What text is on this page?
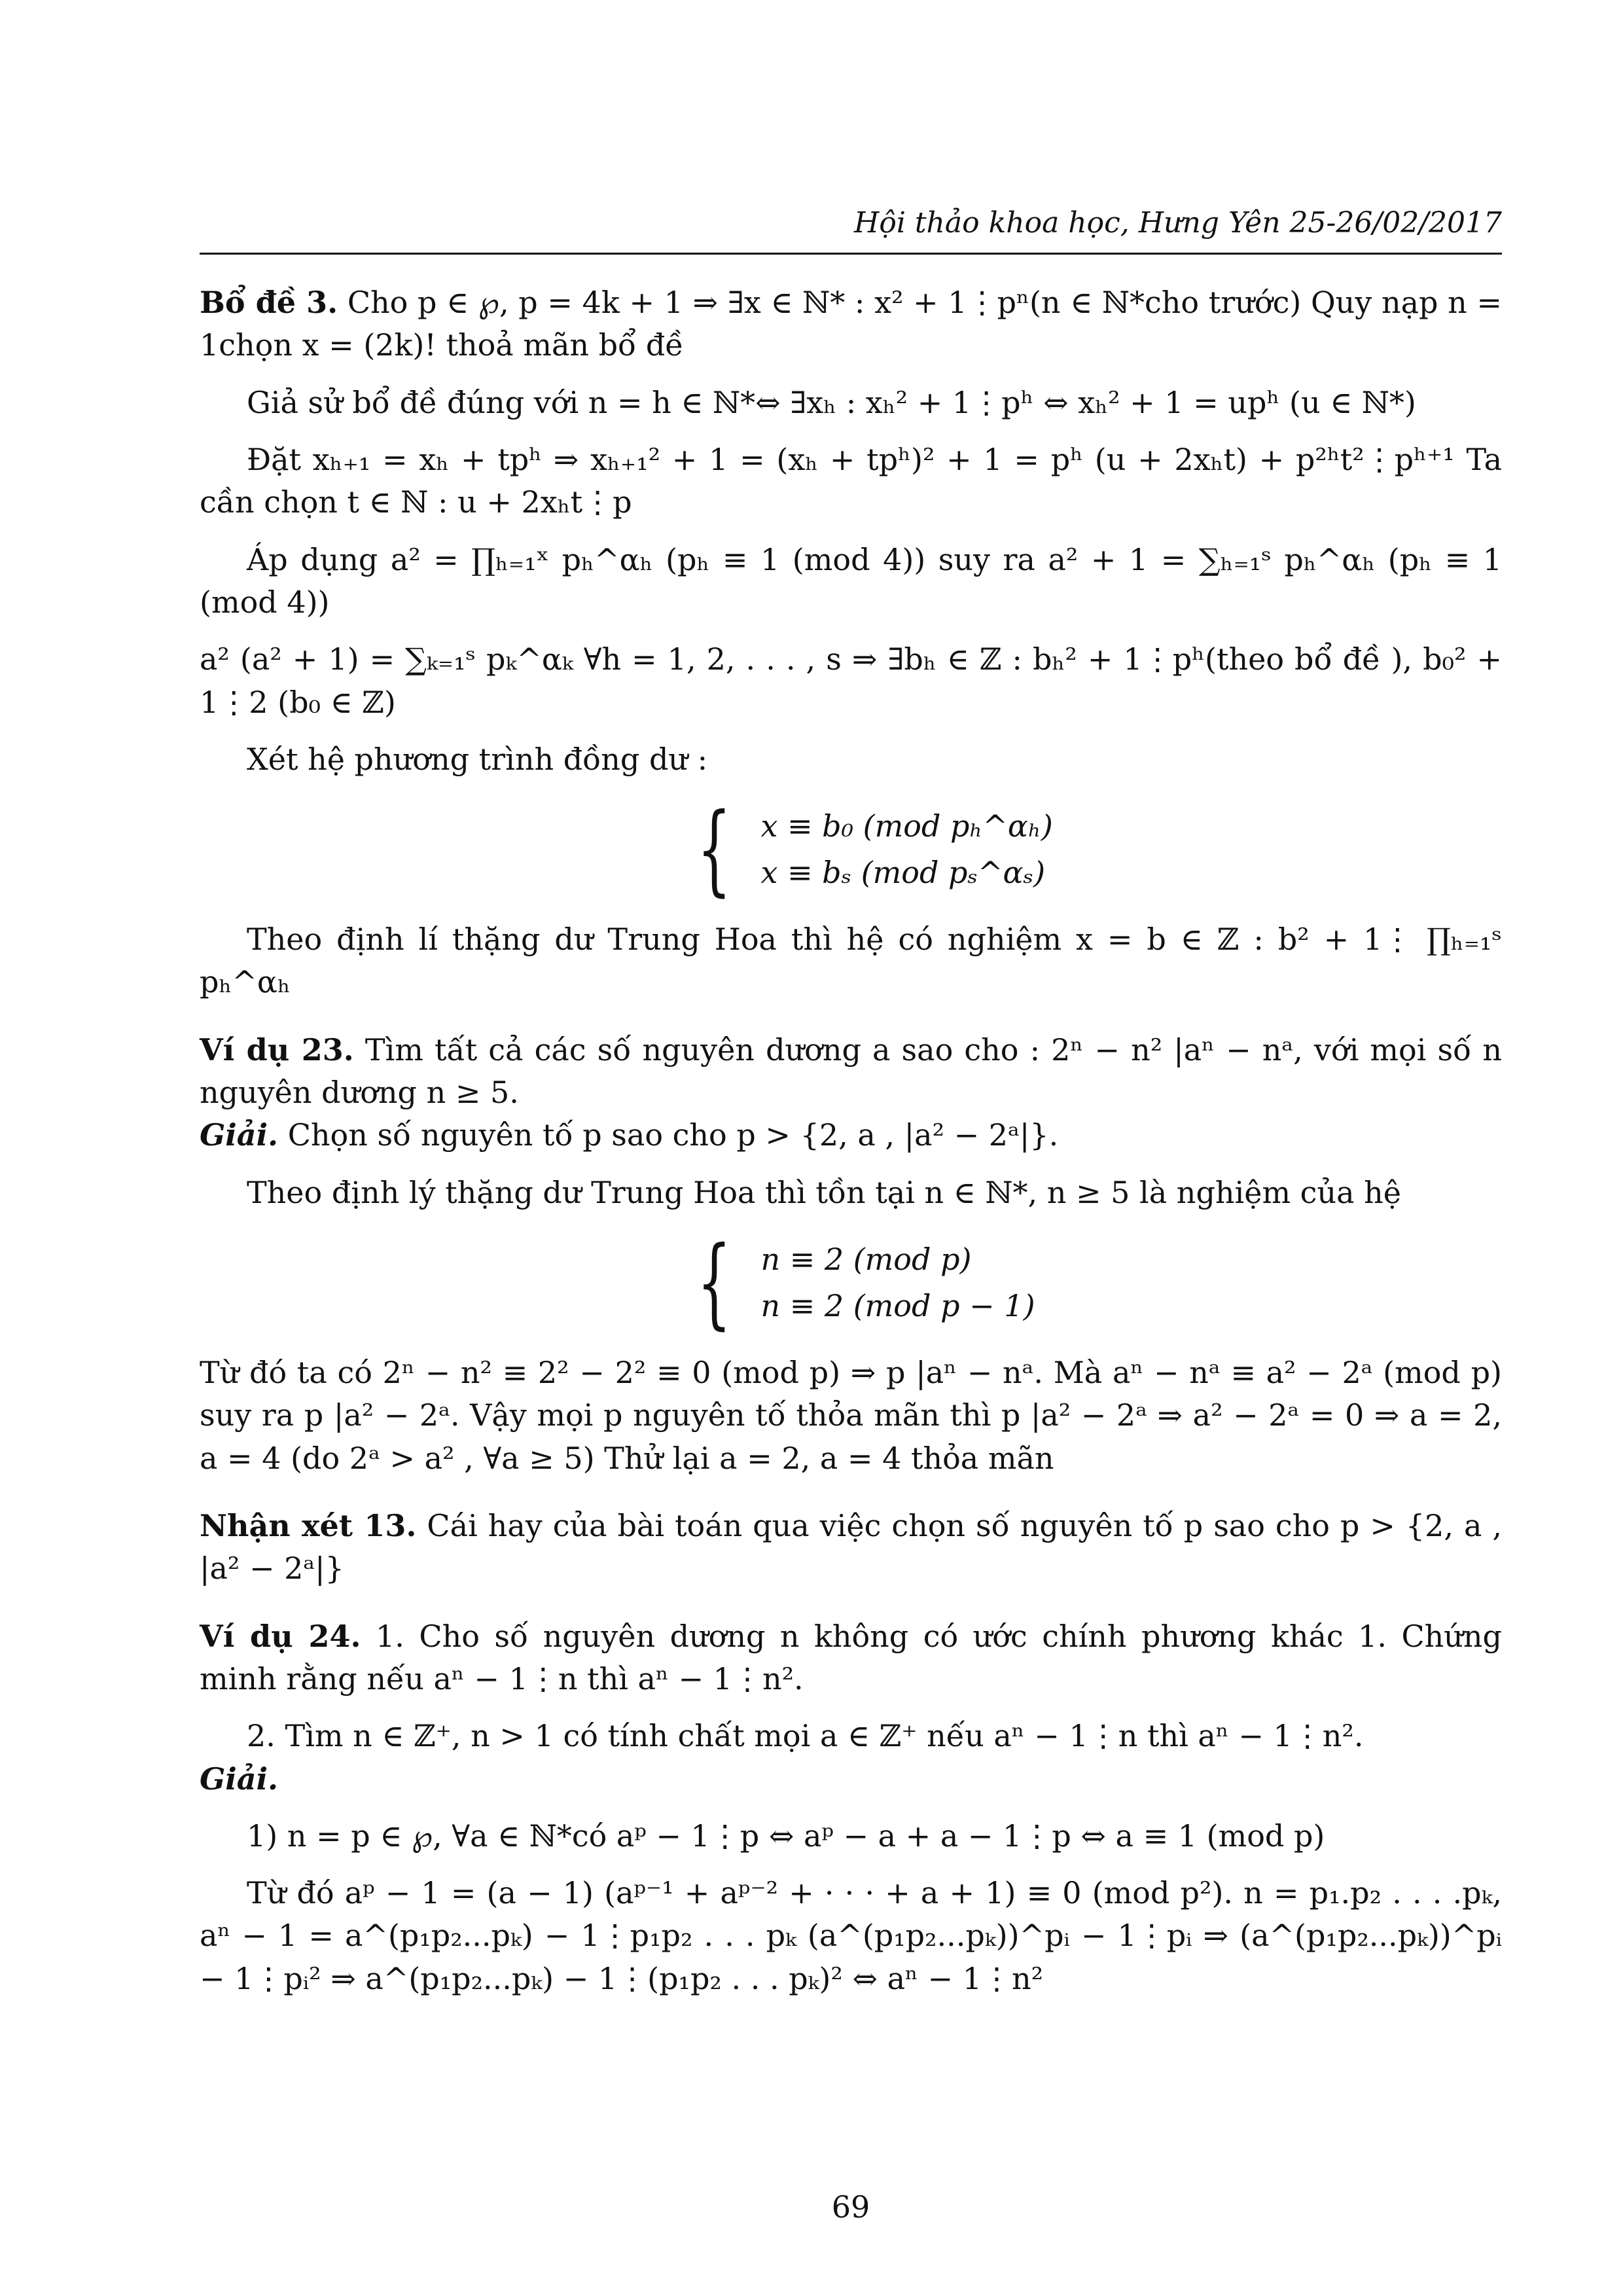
Hội thảo khoa học, Hưng Yên 25-26/02/2017

Bổ đề 3. Cho p ∈ ℘, p = 4k + 1 ⇒ ∃x ∈ ℕ* : x² + 1⋮pⁿ(n ∈ ℕ*cho trước) Quy nạp n = 1chọn x = (2k)! thoả mãn bổ đề

Giả sử bổ đề đúng với n = h ∈ ℕ*⇔ ∃xₕ : xₕ² + 1⋮pʰ ⇔ xₕ² + 1 = upʰ (u ∈ ℕ*)

Đặt xₕ₊₁ = xₕ + tpʰ ⇒ xₕ₊₁² + 1 = (xₕ + tpʰ)² + 1 = pʰ (u + 2xₕt) + p²ʰt²⋮pʰ⁺¹ Ta cần chọn t ∈ ℕ : u + 2xₕt⋮p

Áp dụng a² = ∏ₕ₌₁ˣ pₕ^αₕ (pₕ ≡ 1 (mod 4)) suy ra a² + 1 = ∑ₕ₌₁ˢ pₕ^αₕ (pₕ ≡ 1 (mod 4))

a² (a² + 1) = ∑ₖ₌₁ˢ pₖ^αₖ ∀h = 1, 2, . . . , s ⇒ ∃bₕ ∈ ℤ : bₕ² + 1⋮pʰ(theo bổ đề ), b₀² + 1⋮2 (b₀ ∈ ℤ)

Xét hệ phương trình đồng dư :

{ x ≡ b₀ (mod pₕ^αₕ)
x ≡ bₛ (mod pₛ^αₛ)

Theo định lí thặng dư Trung Hoa thì hệ có nghiệm x = b ∈ ℤ : b² + 1⋮ ∏ₕ₌₁ˢ pₕ^αₕ

Ví dụ 23. Tìm tất cả các số nguyên dương a sao cho : 2ⁿ − n² |aⁿ − nᵃ, với mọi số n nguyên dương n ≥ 5.

Giải. Chọn số nguyên tố p sao cho p > {2, a , |a² − 2ᵃ|}.

Theo định lý thặng dư Trung Hoa thì tồn tại n ∈ ℕ*, n ≥ 5 là nghiệm của hệ

{ n ≡ 2 (mod p)
n ≡ 2 (mod p − 1)

Từ đó ta có 2ⁿ − n² ≡ 2² − 2² ≡ 0 (mod p) ⇒ p |aⁿ − nᵃ. Mà aⁿ − nᵃ ≡ a² − 2ᵃ (mod p) suy ra p |a² − 2ᵃ. Vậy mọi p nguyên tố thỏa mãn thì p |a² − 2ᵃ ⇒ a² − 2ᵃ = 0 ⇒ a = 2, a = 4 (do 2ᵃ > a² , ∀a ≥ 5) Thử lại a = 2, a = 4 thỏa mãn

Nhận xét 13. Cái hay của bài toán qua việc chọn số nguyên tố p sao cho p > {2, a , |a² − 2ᵃ|}

Ví dụ 24. 1. Cho số nguyên dương n không có ước chính phương khác 1. Chứng minh rằng nếu aⁿ − 1⋮n thì aⁿ − 1⋮n².

2. Tìm n ∈ ℤ⁺, n > 1 có tính chất mọi a ∈ ℤ⁺ nếu aⁿ − 1⋮n thì aⁿ − 1⋮n².

Giải.

1) n = p ∈ ℘, ∀a ∈ ℕ*có aᵖ − 1⋮p ⇔ aᵖ − a + a − 1⋮p ⇔ a ≡ 1 (mod p)

Từ đó aᵖ − 1 = (a − 1) (aᵖ⁻¹ + aᵖ⁻² + · · · + a + 1) ≡ 0 (mod p²). n = p₁.p₂ . . . .pₖ, aⁿ − 1 = a^(p₁p₂...pₖ) − 1⋮p₁p₂ . . . pₖ (a^(p₁p₂...pₖ))^pᵢ − 1⋮pᵢ ⇒ (a^(p₁p₂...pₖ))^pᵢ − 1⋮pᵢ² ⇒ a^(p₁p₂...pₖ) − 1⋮(p₁p₂ . . . pₖ)² ⇔ aⁿ − 1⋮n²

69
